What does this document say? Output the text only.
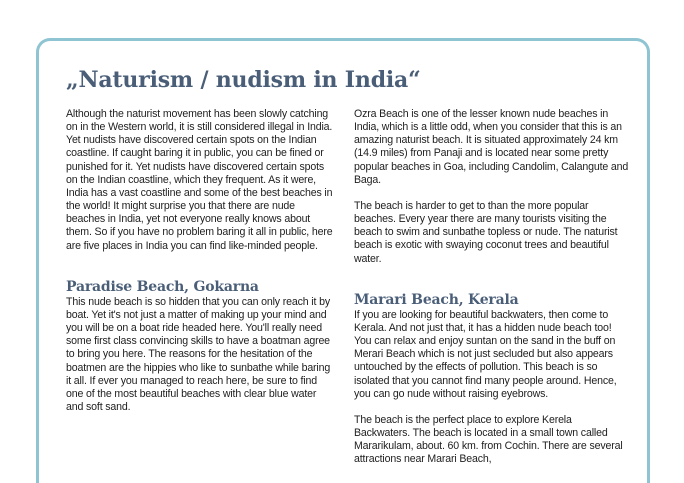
„Naturism / nudism in India“

Although the naturist movement has been slowly catching on in the Western world, it is still considered illegal in India. Yet nudists have discovered certain spots on the Indian coastline. If caught baring it in public, you can be fined or punished for it. Yet nudists have discovered certain spots on the Indian coastline, which they frequent. As it were, India has a vast coastline and some of the best beaches in the world! It might surprise you that there are nude beaches in India, yet not everyone really knows about them. So if you have no problem baring it all in public, here are five places in India you can find like-minded people.

Paradise Beach, Gokarna

This nude beach is so hidden that you can only reach it by boat. Yet it's not just a matter of making up your mind and you will be on a boat ride headed here. You'll really need some first class convincing skills to have a boatman agree to bring you here. The reasons for the hesitation of the boatmen are the hippies who like to sunbathe while baring it all. If ever you managed to reach here, be sure to find one of the most beautiful beaches with clear blue water and soft sand.

Ozra Beach is one of the lesser known nude beaches in India, which is a little odd, when you consider that this is an amazing naturist beach. It is situated approximately 24 km (14.9 miles) from Panaji and is located near some pretty popular beaches in Goa, including Candolim, Calangute and Baga.

The beach is harder to get to than the more popular beaches. Every year there are many tourists visiting the beach to swim and sunbathe topless or nude. The naturist beach is exotic with swaying coconut trees and beautiful water.

Marari Beach, Kerala

If you are looking for beautiful backwaters, then come to Kerala. And not just that, it has a hidden nude beach too! You can relax and enjoy suntan on the sand in the buff on Merari Beach which is not just secluded but also appears untouched by the effects of pollution. This beach is so isolated that you cannot find many people around. Hence, you can go nude without raising eyebrows.

The beach is the perfect place to explore Kerela Backwaters. The beach is located in a small town called Mararikulam, about. 60 km. from Cochin. There are several attractions near Marari Beach,
